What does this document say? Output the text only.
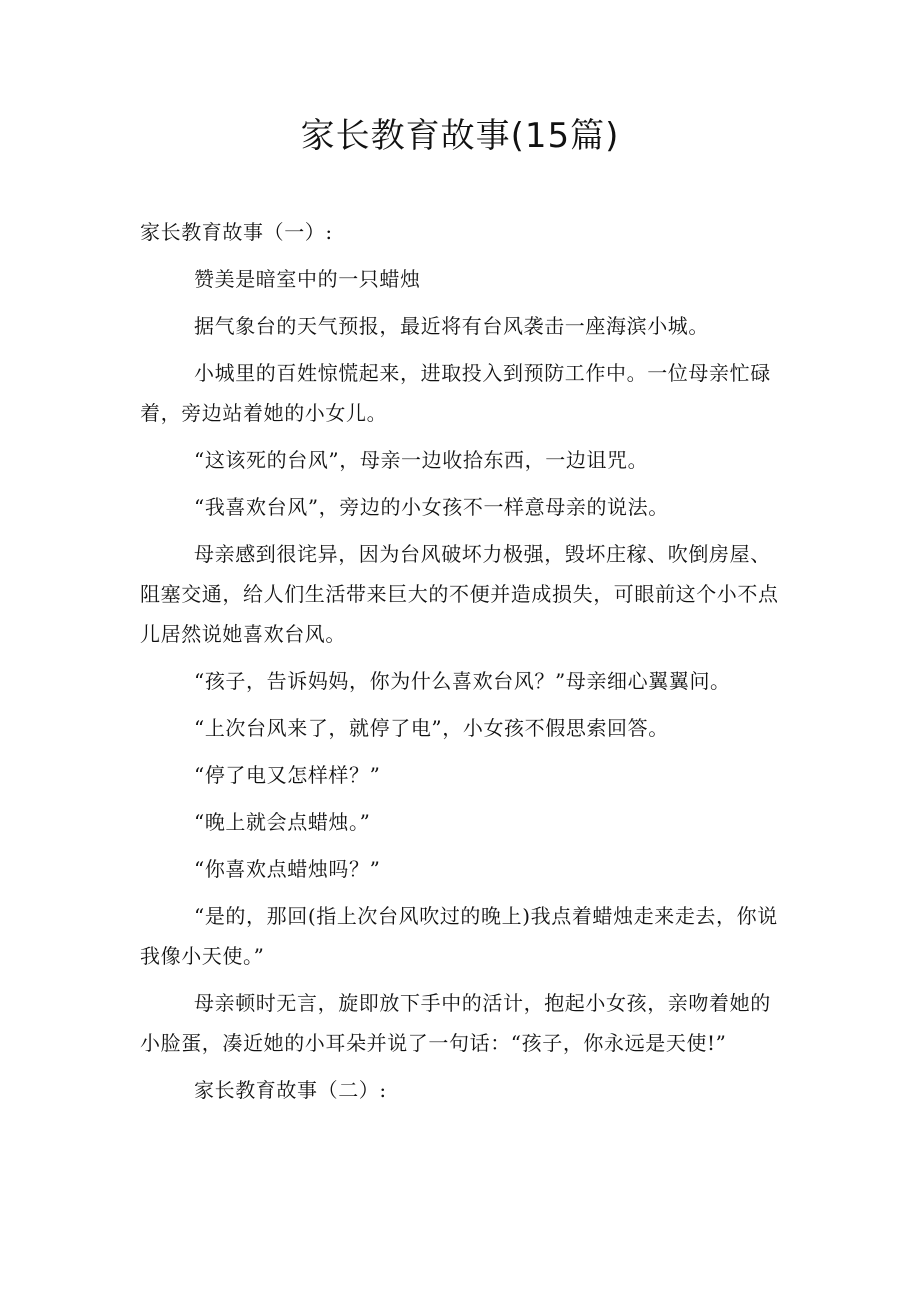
家长教育故事(15篇)

家长教育故事（一）:

赞美是暗室中的一只蜡烛

据气象台的天气预报，最近将有台风袭击一座海滨小城。

小城里的百姓惊慌起来，进取投入到预防工作中。一位母亲忙碌着，旁边站着她的小女儿。

“这该死的台风”，母亲一边收拾东西，一边诅咒。

“我喜欢台风”，旁边的小女孩不一样意母亲的说法。

母亲感到很诧异，因为台风破坏力极强，毁坏庄稼、吹倒房屋、阻塞交通，给人们生活带来巨大的不便并造成损失，可眼前这个小不点儿居然说她喜欢台风。

“孩子，告诉妈妈，你为什么喜欢台风？”母亲细心翼翼问。

“上次台风来了，就停了电”，小女孩不假思索回答。

“停了电又怎样样？”

“晚上就会点蜡烛。”

“你喜欢点蜡烛吗？”

“是的，那回(指上次台风吹过的晚上)我点着蜡烛走来走去，你说我像小天使。”

母亲顿时无言，旋即放下手中的活计，抱起小女孩，亲吻着她的小脸蛋，凑近她的小耳朵并说了一句话：“孩子，你永远是天使!”

家长教育故事（二）:
